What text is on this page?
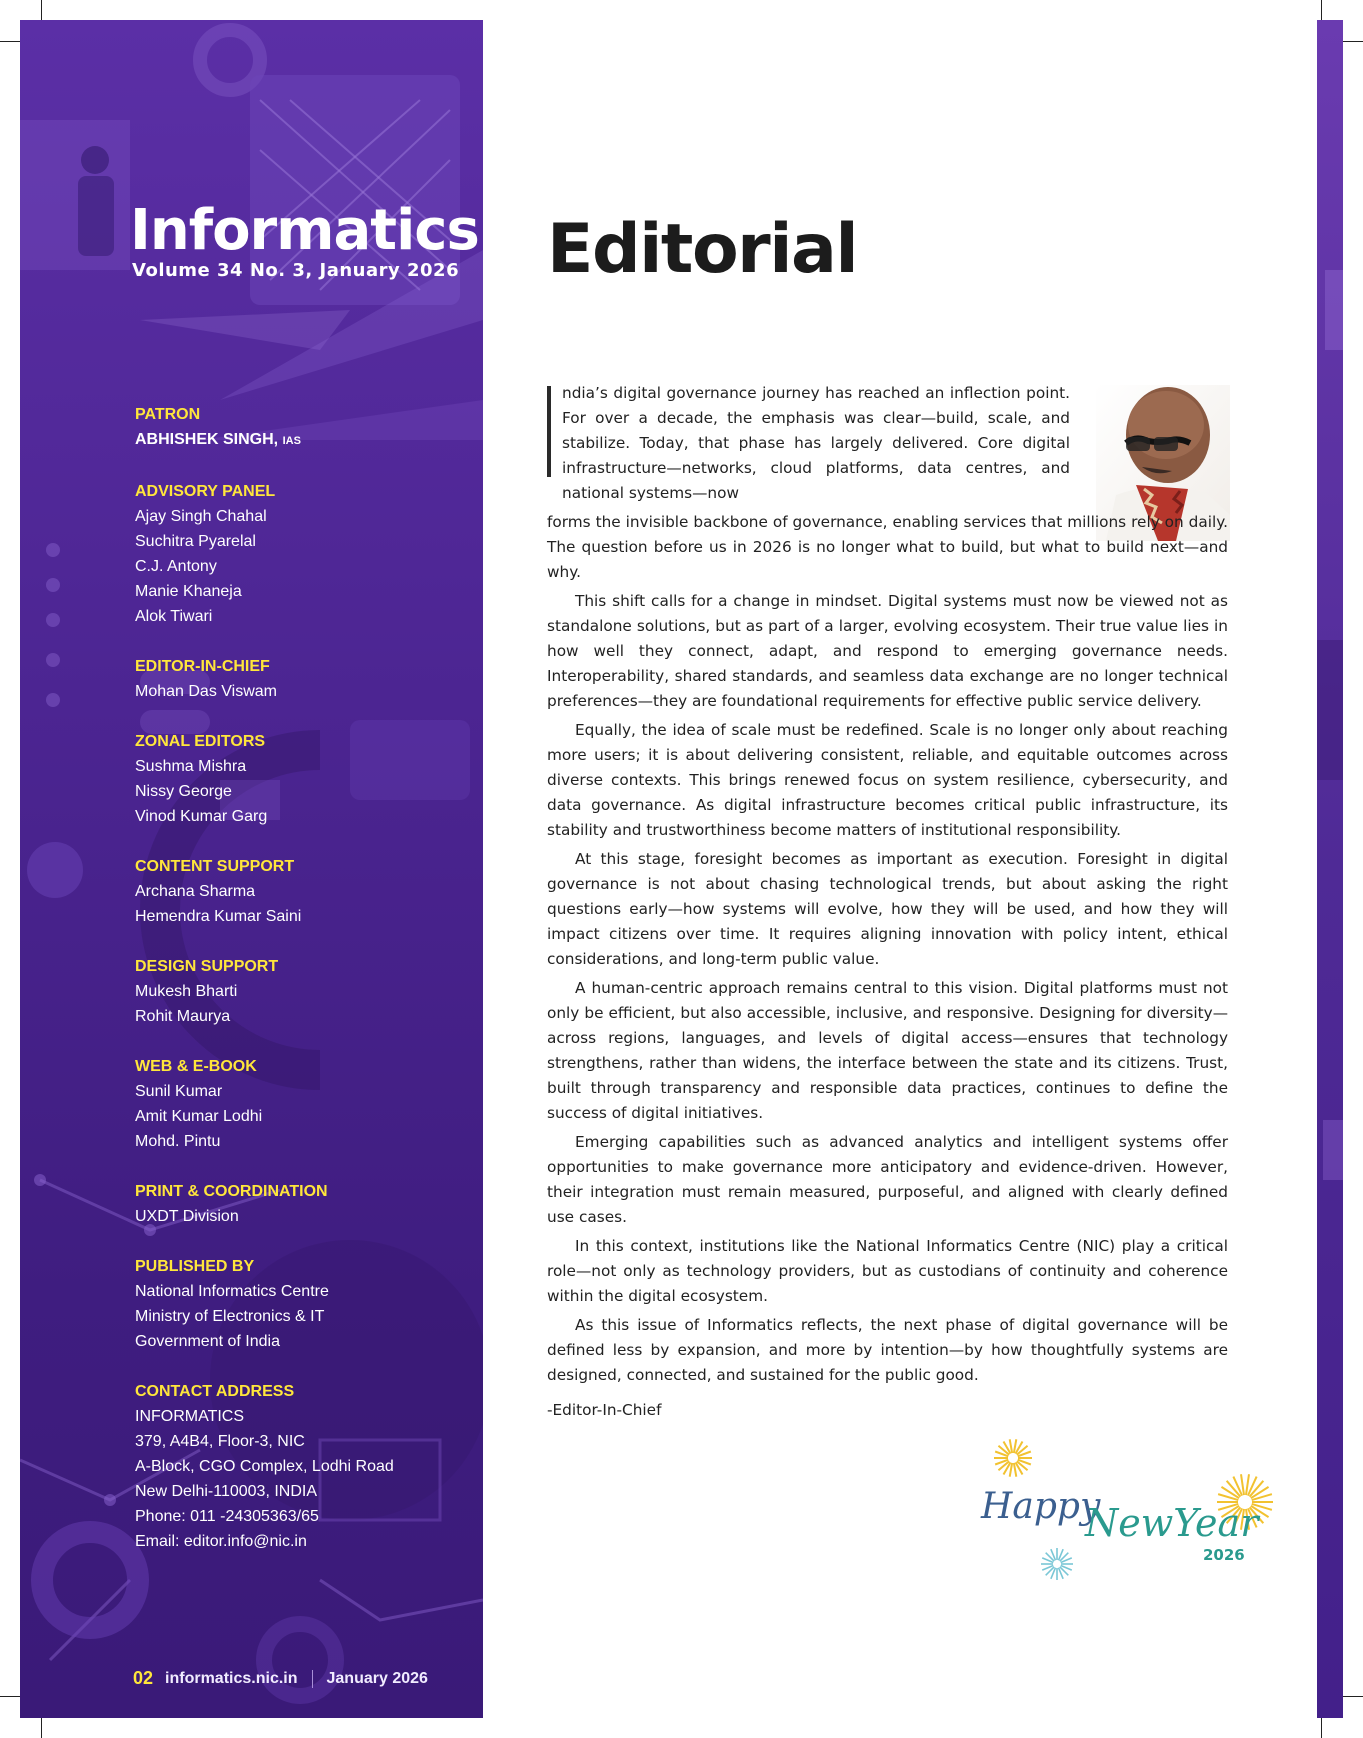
Informatics
Volume 34 No. 3, January 2026
PATRON
ABHISHEK SINGH, IAS
ADVISORY PANEL
Ajay Singh Chahal
Suchitra Pyarelal
C.J. Antony
Manie Khaneja
Alok Tiwari
EDITOR-IN-CHIEF
Mohan Das Viswam
ZONAL EDITORS
Sushma Mishra
Nissy George
Vinod Kumar Garg
CONTENT SUPPORT
Archana Sharma
Hemendra Kumar Saini
DESIGN SUPPORT
Mukesh Bharti
Rohit Maurya
WEB & E-BOOK
Sunil Kumar
Amit Kumar Lodhi
Mohd. Pintu
PRINT & COORDINATION
UXDT Division
PUBLISHED BY
National Informatics Centre
Ministry of Electronics & IT
Government of India
CONTACT ADDRESS
INFORMATICS
379, A4B4, Floor-3, NIC
A-Block, CGO Complex, Lodhi Road
New Delhi-110003, INDIA
Phone: 011 -24305363/65
Email: editor.info@nic.in
02 informatics.nic.in January 2026
Editorial

ndia’s digital governance journey has reached an inflection point. For over a decade, the emphasis was clear—build, scale, and stabilize. Today, that phase has largely delivered. Core digital infrastructure—networks, cloud platforms, data centres, and national systems—now

forms the invisible backbone of governance, enabling services that millions rely on daily. The question before us in 2026 is no longer what to build, but what to build next—and why.

This shift calls for a change in mindset. Digital systems must now be viewed not as standalone solutions, but as part of a larger, evolving ecosystem. Their true value lies in how well they connect, adapt, and respond to emerging governance needs. Interoperability, shared standards, and seamless data exchange are no longer technical preferences—they are foundational requirements for effective public service delivery.

Equally, the idea of scale must be redefined. Scale is no longer only about reaching more users; it is about delivering consistent, reliable, and equitable outcomes across diverse contexts. This brings renewed focus on system resilience, cybersecurity, and data governance. As digital infrastructure becomes critical public infrastructure, its stability and trustworthiness become matters of institutional responsibility.

At this stage, foresight becomes as important as execution. Foresight in digital governance is not about chasing technological trends, but about asking the right questions early—how systems will evolve, how they will be used, and how they will impact citizens over time. It requires aligning innovation with policy intent, ethical considerations, and long-term public value.

A human-centric approach remains central to this vision. Digital platforms must not only be efficient, but also accessible, inclusive, and responsive. Designing for diversity—across regions, languages, and levels of digital access—ensures that technology strengthens, rather than widens, the interface between the state and its citizens. Trust, built through transparency and responsible data practices, continues to define the success of digital initiatives.

Emerging capabilities such as advanced analytics and intelligent systems offer opportunities to make governance more anticipatory and evidence-driven. However, their integration must remain measured, purposeful, and aligned with clearly defined use cases.

In this context, institutions like the National Informatics Centre (NIC) play a critical role—not only as technology providers, but as custodians of continuity and coherence within the digital ecosystem.

As this issue of Informatics reflects, the next phase of digital governance will be defined less by expansion, and more by intention—by how thoughtfully systems are designed, connected, and sustained for the public good.

-Editor-In-Chief
Happy
NewYear
2026
